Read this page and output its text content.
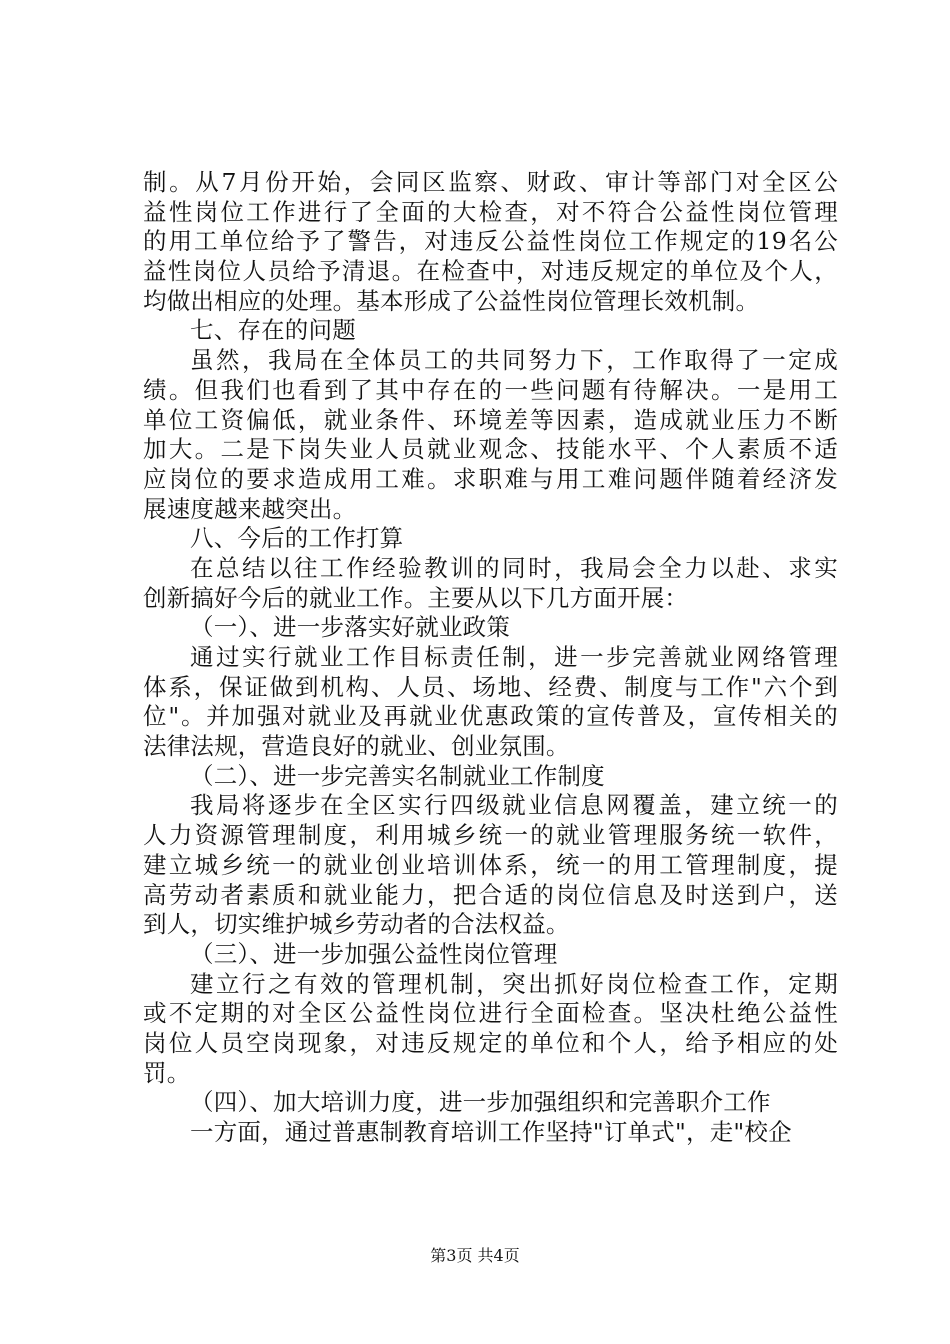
制。从7月份开始，会同区监察、财政、审计等部门对全区公
益性岗位工作进行了全面的大检查，对不符合公益性岗位管理
的用工单位给予了警告，对违反公益性岗位工作规定的19名公
益性岗位人员给予清退。在检查中，对违反规定的单位及个人，
均做出相应的处理。基本形成了公益性岗位管理长效机制。
七、存在的问题
虽然，我局在全体员工的共同努力下，工作取得了一定成
绩。但我们也看到了其中存在的一些问题有待解决。一是用工
单位工资偏低，就业条件、环境差等因素，造成就业压力不断
加大。二是下岗失业人员就业观念、技能水平、个人素质不适
应岗位的要求造成用工难。求职难与用工难问题伴随着经济发
展速度越来越突出。
八、今后的工作打算
在总结以往工作经验教训的同时，我局会全力以赴、求实
创新搞好今后的就业工作。主要从以下几方面开展：
（一）、进一步落实好就业政策
通过实行就业工作目标责任制，进一步完善就业网络管理
体系，保证做到机构、人员、场地、经费、制度与工作"六个到
位"。并加强对就业及再就业优惠政策的宣传普及，宣传相关的
法律法规，营造良好的就业、创业氛围。
（二）、进一步完善实名制就业工作制度
我局将逐步在全区实行四级就业信息网覆盖，建立统一的
人力资源管理制度，利用城乡统一的就业管理服务统一软件，
建立城乡统一的就业创业培训体系，统一的用工管理制度，提
高劳动者素质和就业能力，把合适的岗位信息及时送到户，送
到人，切实维护城乡劳动者的合法权益。
（三）、进一步加强公益性岗位管理
建立行之有效的管理机制，突出抓好岗位检查工作，定期
或不定期的对全区公益性岗位进行全面检查。坚决杜绝公益性
岗位人员空岗现象，对违反规定的单位和个人，给予相应的处
罚。
（四）、加大培训力度，进一步加强组织和完善职介工作
一方面，通过普惠制教育培训工作坚持"订单式"，走"校企
第3页 共4页
